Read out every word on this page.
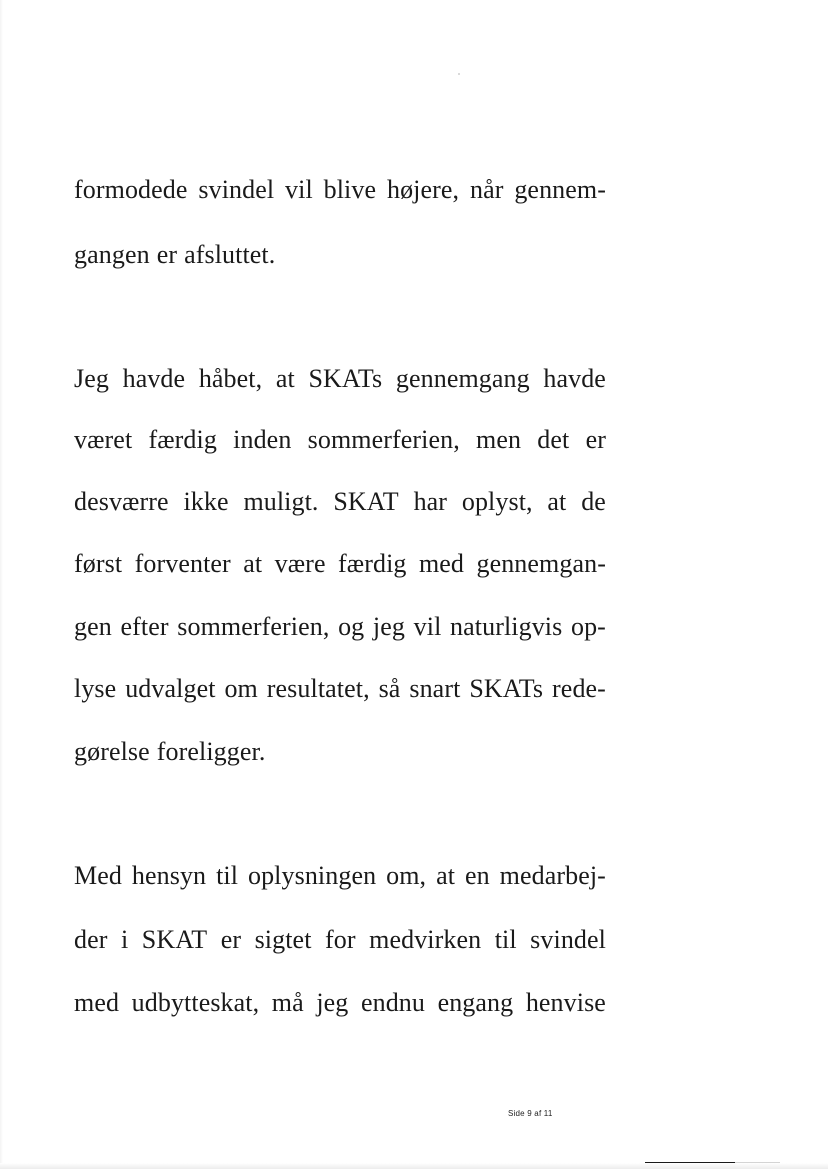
formodede svindel vil blive højere, når gennem-
gangen er afsluttet.
Jeg havde håbet, at SKATs gennemgang havde
været færdig inden sommerferien, men det er
desværre ikke muligt. SKAT har oplyst, at de
først forventer at være færdig med gennemgan-
gen efter sommerferien, og jeg vil naturligvis op-
lyse udvalget om resultatet, så snart SKATs rede-
gørelse foreligger.
Med hensyn til oplysningen om, at en medarbej-
der i SKAT er sigtet for medvirken til svindel
med udbytteskat, må jeg endnu engang henvise
Side 9 af 11
